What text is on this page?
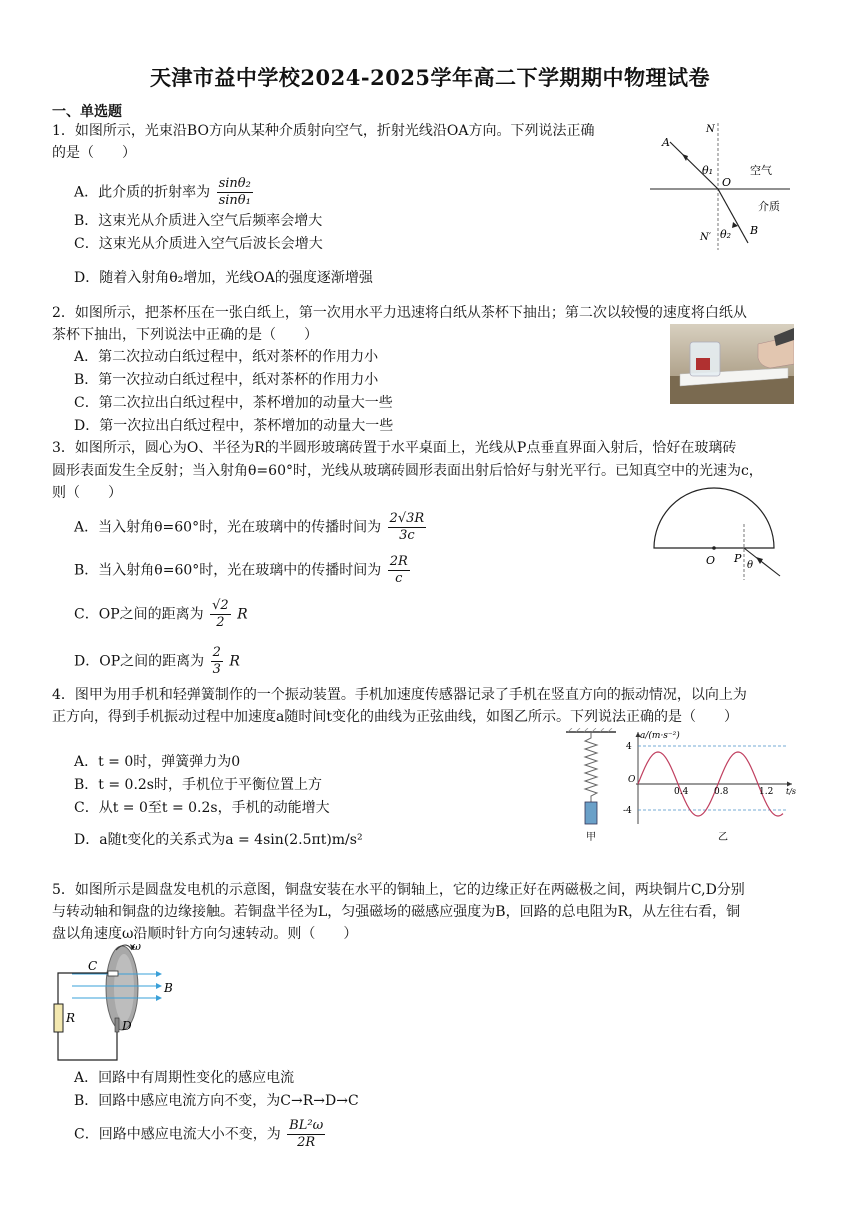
天津市益中学校2024-2025学年高二下学期期中物理试卷
一、单选题
1．如图所示，光束沿BO方向从某种介质射向空气，折射光线沿OA方向。下列说法正确
的是（　　）
A．此介质的折射率为 $\frac{\text{sinθ₂}}{\text{sinθ₁}}$
B．这束光从介质进入空气后频率会增大
C．这束光从介质进入空气后波长会增大
D．随着入射角θ₂增加，光线OA的强度逐渐增强
N
A
θ₁
O
空气
介质
N′ θ₂ B
2．如图所示，把茶杯压在一张白纸上，第一次用水平力迅速将白纸从茶杯下抽出；第二次以较慢的速度将白纸从
茶杯下抽出，下列说法中正确的是（　　）
A．第二次拉动白纸过程中，纸对茶杯的作用力小
B．第一次拉动白纸过程中，纸对茶杯的作用力小
C．第二次拉出白纸过程中，茶杯增加的动量大一些
D．第一次拉出白纸过程中，茶杯增加的动量大一些
3．如图所示，圆心为O、半径为R的半圆形玻璃砖置于水平桌面上，光线从P点垂直界面入射后，恰好在玻璃砖
圆形表面发生全反射；当入射角θ=60°时，光线从玻璃砖圆形表面出射后恰好与射光平行。已知真空中的光速为c，
则（　　）
A．当入射角θ=60°时，光在玻璃中的传播时间为 $\frac{2√3R}{3c}$
B．当入射角θ=60°时，光在玻璃中的传播时间为 $\frac{2R}{c}$
C．OP之间的距离为 $\frac{√2}{2}$ R
D．OP之间的距离为 $\frac{2}{3}$ R
O P
θ
4．图甲为用手机和轻弹簧制作的一个振动装置。手机加速度传感器记录了手机在竖直方向的振动情况，以向上为
正方向，得到手机振动过程中加速度a随时间t变化的曲线为正弦曲线，如图乙所示。下列说法正确的是（　　）
A．t = 0时，弹簧弹力为0
B．t = 0.2s时，手机位于平衡位置上方
C．从t = 0至t = 0.2s，手机的动能增大
D．a随t变化的关系式为a = 4sin(2.5πt)m/s²	甲
a/(m·s⁻²)
4
-4
O
0.4	0.8	1.2 t/s
乙
5．如图所示是圆盘发电机的示意图，铜盘安装在水平的铜轴上，它的边缘正好在两磁极之间，两块铜片C,D分别
与转动轴和铜盘的边缘接触。若铜盘半径为L，匀强磁场的磁感应强度为B，回路的总电阻为R，从左往右看，铜
盘以角速度ω沿顺时针方向匀速转动。则（　　）
ω
C
B
R
D
A．回路中有周期性变化的感应电流
B．回路中感应电流方向不变，为C→R→D→C
C．回路中感应电流大小不变，为 $\frac{\text{BL²ω}}{2R}$
